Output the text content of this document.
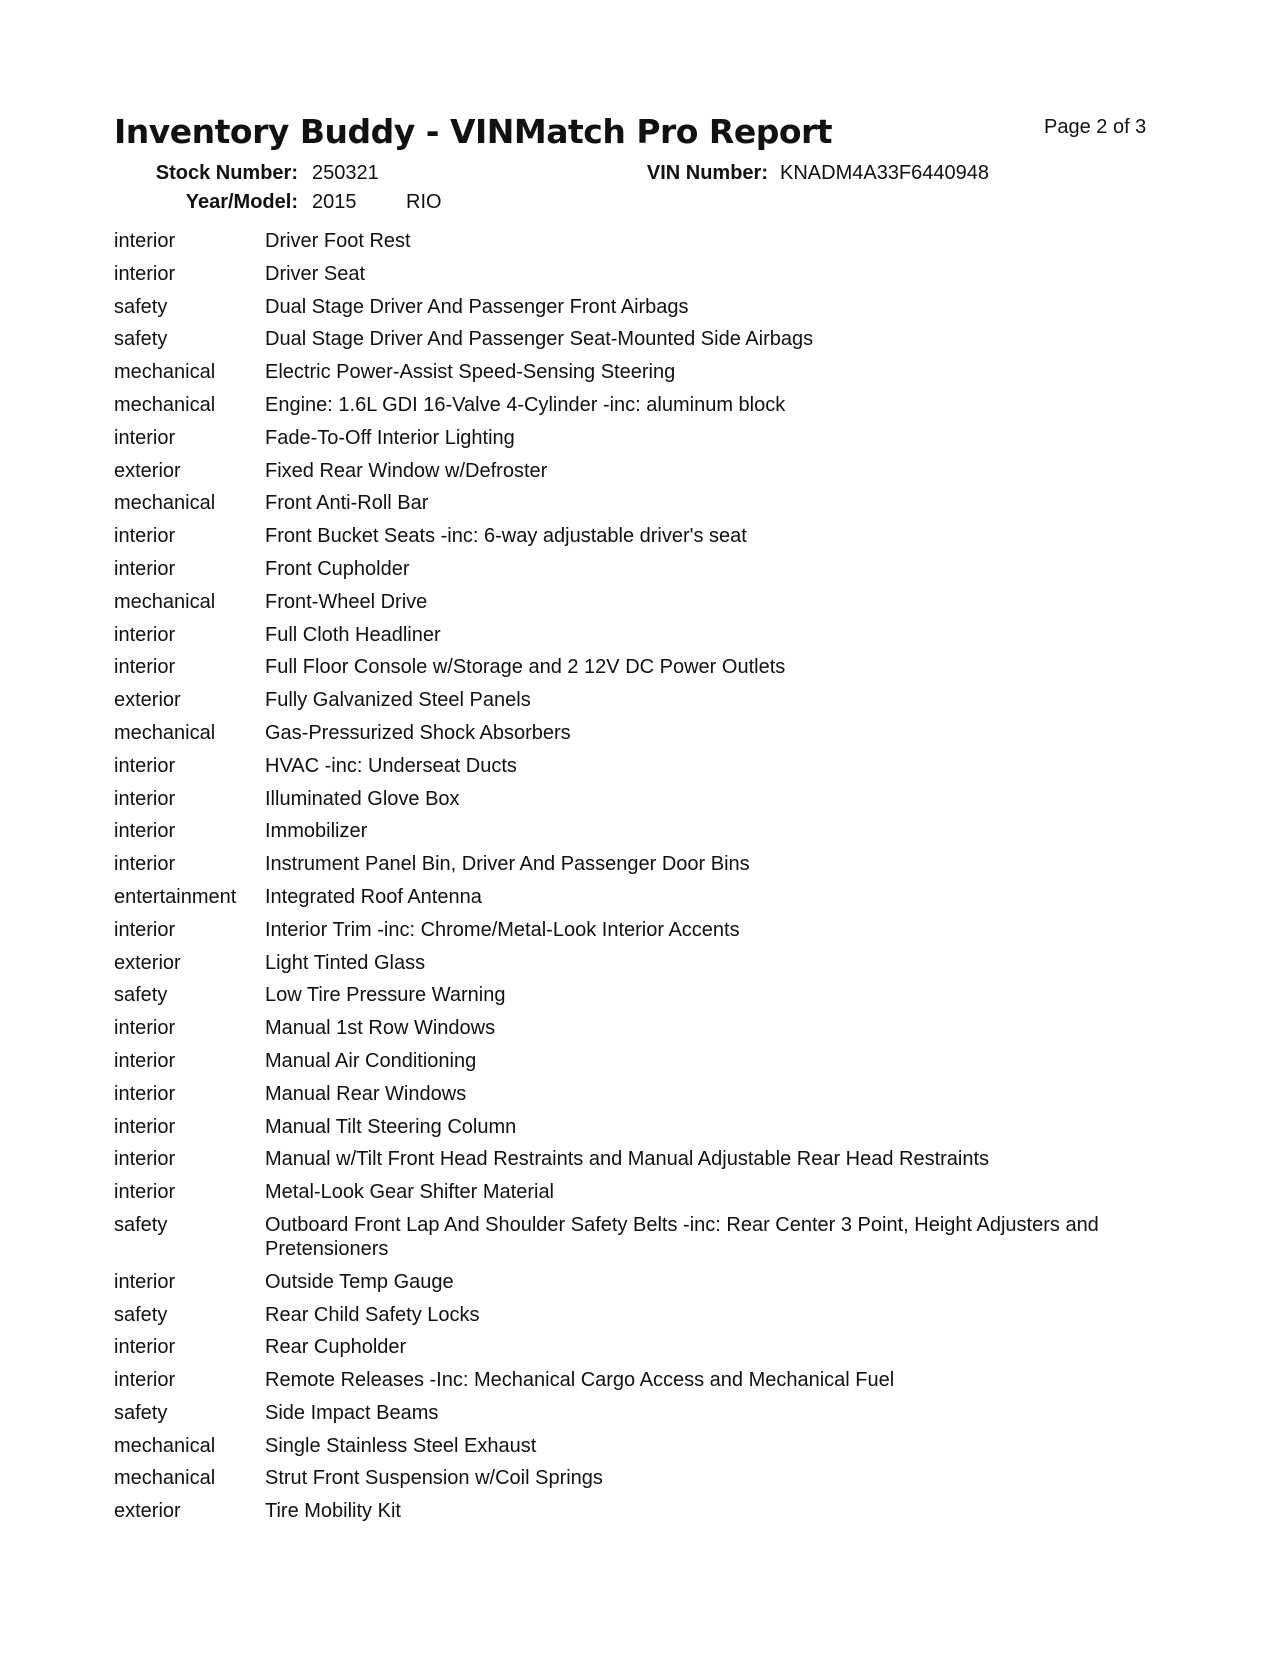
Inventory Buddy - VINMatch Pro Report	Page 2 of 3
Stock Number: 250321	VIN Number: KNADM4A33F6440948
Year/Model: 2015 RIO
interior	Driver Foot Rest
interior	Driver Seat
safety	Dual Stage Driver And Passenger Front Airbags
safety	Dual Stage Driver And Passenger Seat-Mounted Side Airbags
mechanical	Electric Power-Assist Speed-Sensing Steering
mechanical	Engine: 1.6L GDI 16-Valve 4-Cylinder -inc: aluminum block
interior	Fade-To-Off Interior Lighting
exterior	Fixed Rear Window w/Defroster
mechanical	Front Anti-Roll Bar
interior	Front Bucket Seats -inc: 6-way adjustable driver's seat
interior	Front Cupholder
mechanical	Front-Wheel Drive
interior	Full Cloth Headliner
interior	Full Floor Console w/Storage and 2 12V DC Power Outlets
exterior	Fully Galvanized Steel Panels
mechanical	Gas-Pressurized Shock Absorbers
interior	HVAC -inc: Underseat Ducts
interior	Illuminated Glove Box
interior	Immobilizer
interior	Instrument Panel Bin, Driver And Passenger Door Bins
entertainment	Integrated Roof Antenna
interior	Interior Trim -inc: Chrome/Metal-Look Interior Accents
exterior	Light Tinted Glass
safety	Low Tire Pressure Warning
interior	Manual 1st Row Windows
interior	Manual Air Conditioning
interior	Manual Rear Windows
interior	Manual Tilt Steering Column
interior	Manual w/Tilt Front Head Restraints and Manual Adjustable Rear Head Restraints
interior	Metal-Look Gear Shifter Material
safety	Outboard Front Lap And Shoulder Safety Belts -inc: Rear Center 3 Point, Height Adjusters and Pretensioners
interior	Outside Temp Gauge
safety	Rear Child Safety Locks
interior	Rear Cupholder
interior	Remote Releases -Inc: Mechanical Cargo Access and Mechanical Fuel
safety	Side Impact Beams
mechanical	Single Stainless Steel Exhaust
mechanical	Strut Front Suspension w/Coil Springs
exterior	Tire Mobility Kit
